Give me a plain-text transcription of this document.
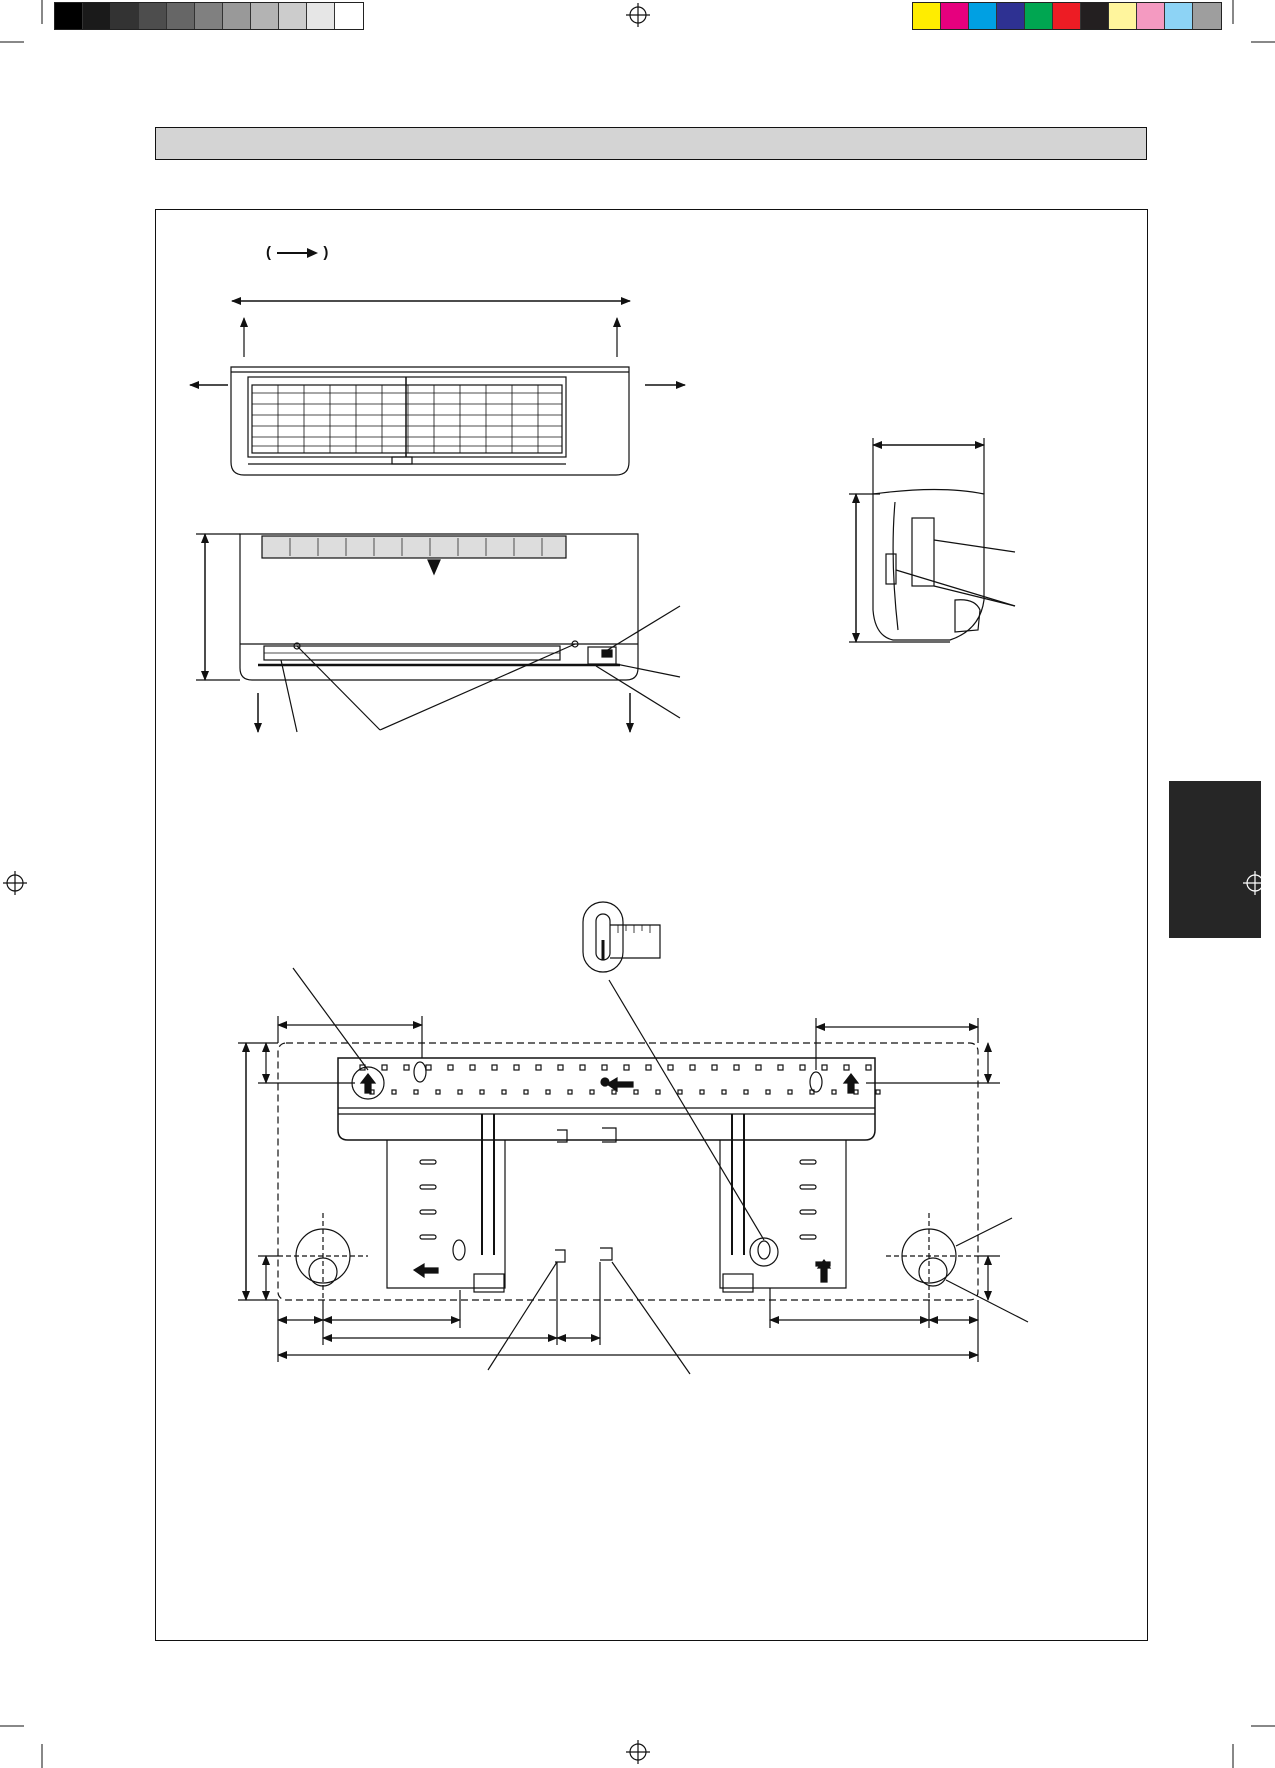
(	)
